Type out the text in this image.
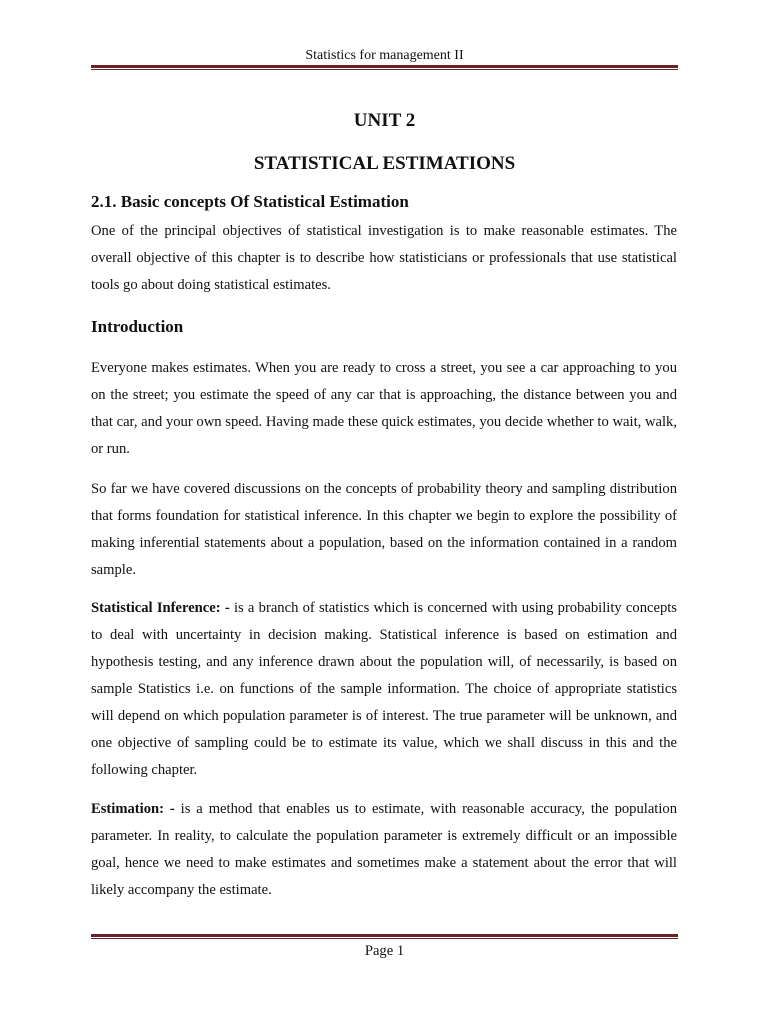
Statistics for management II
UNIT 2
STATISTICAL ESTIMATIONS
2.1. Basic concepts Of Statistical Estimation

One of the principal objectives of statistical investigation is to make reasonable estimates. The overall objective of this chapter is to describe how statisticians or professionals that use statistical tools go about doing statistical estimates.

Introduction

Everyone makes estimates. When you are ready to cross a street, you see a car approaching to you on the street; you estimate the speed of any car that is approaching, the distance between you and that car, and your own speed. Having made these quick estimates, you decide whether to wait, walk, or run.

So far we have covered discussions on the concepts of probability theory and sampling distribution that forms foundation for statistical inference. In this chapter we begin to explore the possibility of making inferential statements about a population, based on the information contained in a random sample.

Statistical Inference: - is a branch of statistics which is concerned with using probability concepts to deal with uncertainty in decision making. Statistical inference is based on estimation and hypothesis testing, and any inference drawn about the population will, of necessarily, is based on sample Statistics i.e. on functions of the sample information. The choice of appropriate statistics will depend on which population parameter is of interest. The true parameter will be unknown, and one objective of sampling could be to estimate its value, which we shall discuss in this and the following chapter.

Estimation: - is a method that enables us to estimate, with reasonable accuracy, the population parameter. In reality, to calculate the population parameter is extremely difficult or an impossible goal, hence we need to make estimates and sometimes make a statement about the error that will likely accompany the estimate.

Page 1
